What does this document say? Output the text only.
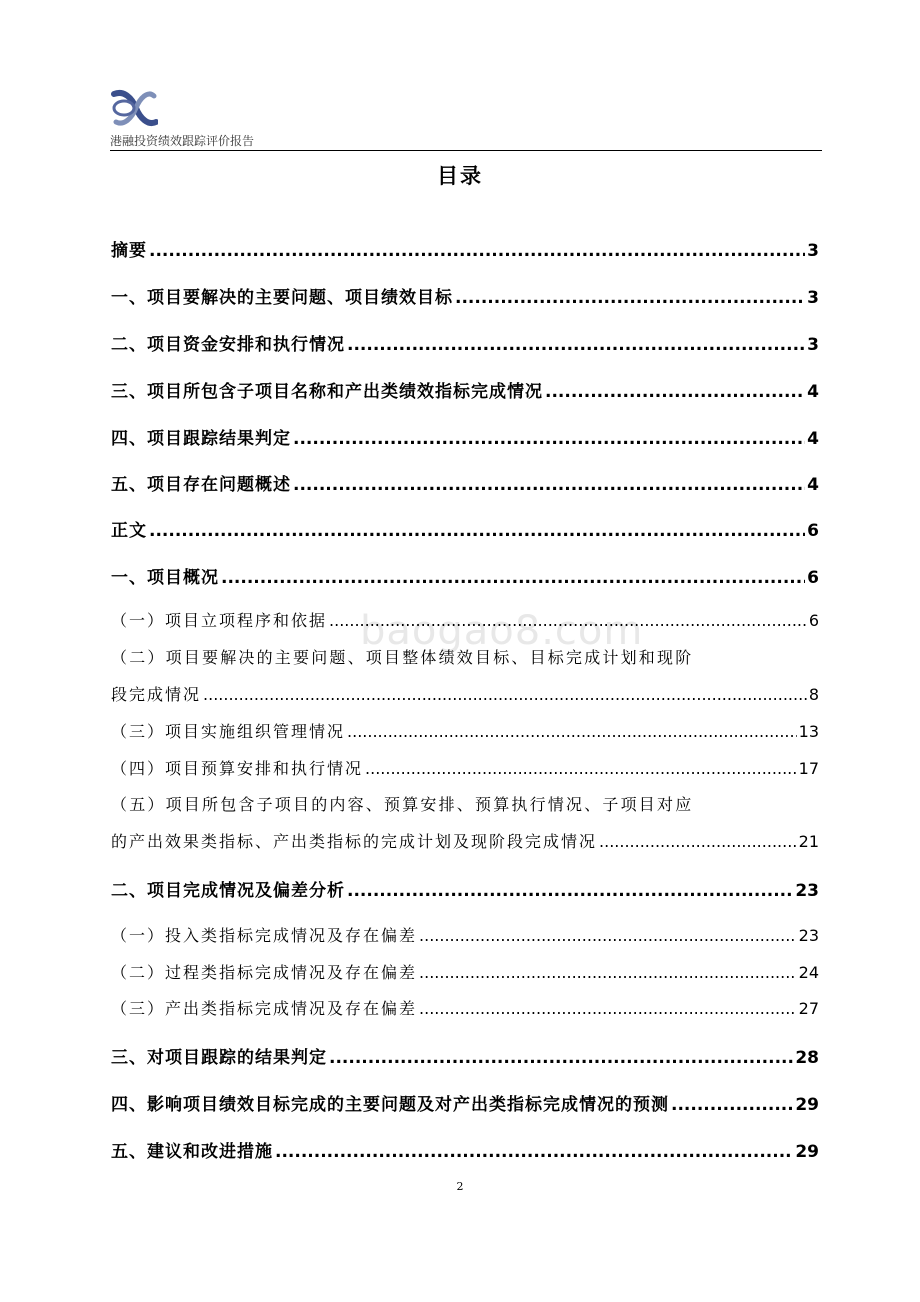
港融投资绩效跟踪评价报告
baogao8.com
目录
摘要 .....	3
一、项目要解决的主要问题、项目绩效目标 .....	3
二、项目资金安排和执行情况 .....	3
三、项目所包含子项目名称和产出类绩效指标完成情况 .....	4
四、项目跟踪结果判定 .....	4
五、项目存在问题概述 .....	4
正文 .....	6
一、项目概况 .....	6
（一）项目立项程序和依据 .....	6
（二）项目要解决的主要问题、项目整体绩效目标、目标完成计划和现阶
段完成情况 .....	8
（三）项目实施组织管理情况 .....	13
（四）项目预算安排和执行情况 .....	17
（五）项目所包含子项目的内容、预算安排、预算执行情况、子项目对应
的产出效果类指标、产出类指标的完成计划及现阶段完成情况 .....	21
二、项目完成情况及偏差分析 .....	23
（一）投入类指标完成情况及存在偏差 .....	23
（二）过程类指标完成情况及存在偏差 .....	24
（三）产出类指标完成情况及存在偏差 .....	27
三、对项目跟踪的结果判定 .....	28
四、影响项目绩效目标完成的主要问题及对产出类指标完成情况的预测 .....	29
五、建议和改进措施 .....	29
2
